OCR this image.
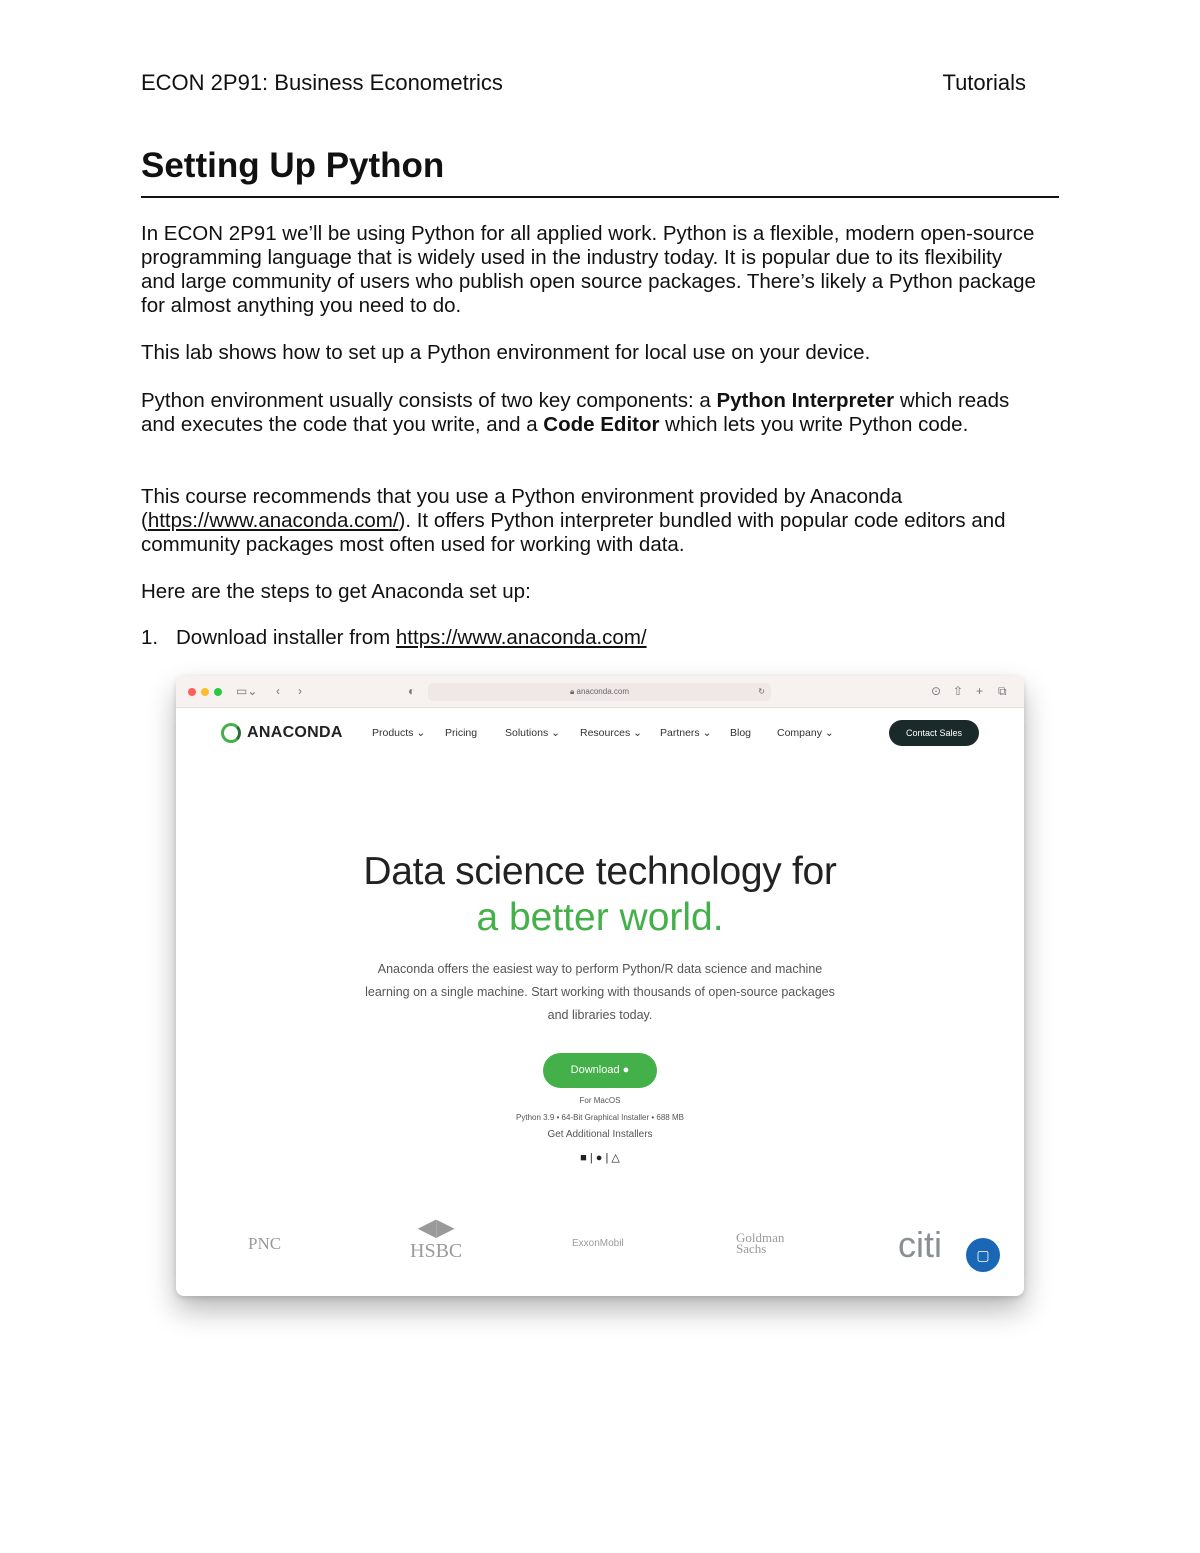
ECON 2P91: Business Econometrics	Tutorials
Setting Up Python

In ECON 2P91 we’ll be using Python for all applied work. Python is a flexible, modern open-source programming language that is widely used in the industry today. It is popular due to its flexibility and large community of users who publish open source packages. There’s likely a Python package for almost anything you need to do.

This lab shows how to set up a Python environment for local use on your device.

Python environment usually consists of two key components: a Python Interpreter which reads and executes the code that you write, and a Code Editor which lets you write Python code.

This course recommends that you use a Python environment provided by Anaconda (https://www.anaconda.com/). It offers Python interpreter bundled with popular code editors and community packages most often used for working with data.

Here are the steps to get Anaconda set up:

1. Download installer from https://www.anaconda.com/
▭⌄ ‹ ›	◐	🔒︎ anaconda.com	↻	⊙ ⇧ + ⧉
ANACONDA	Products ⌄ Pricing	Solutions ⌄ Resources ⌄ Partners ⌄ Blog Company ⌄	Contact Sales
Data science technology for
a better world.
Anaconda offers the easiest way to perform Python/R data science and machine learning on a single machine. Start working with thousands of open-source packages and libraries today.
Download ●
For MacOS
Python 3.9 • 64-Bit Graphical Installer • 688 MB
Get Additional Installers
■ | ● | △
PNC
◀▶
HSBC	ExxonMobil	Goldman Sachs	citi	▢
